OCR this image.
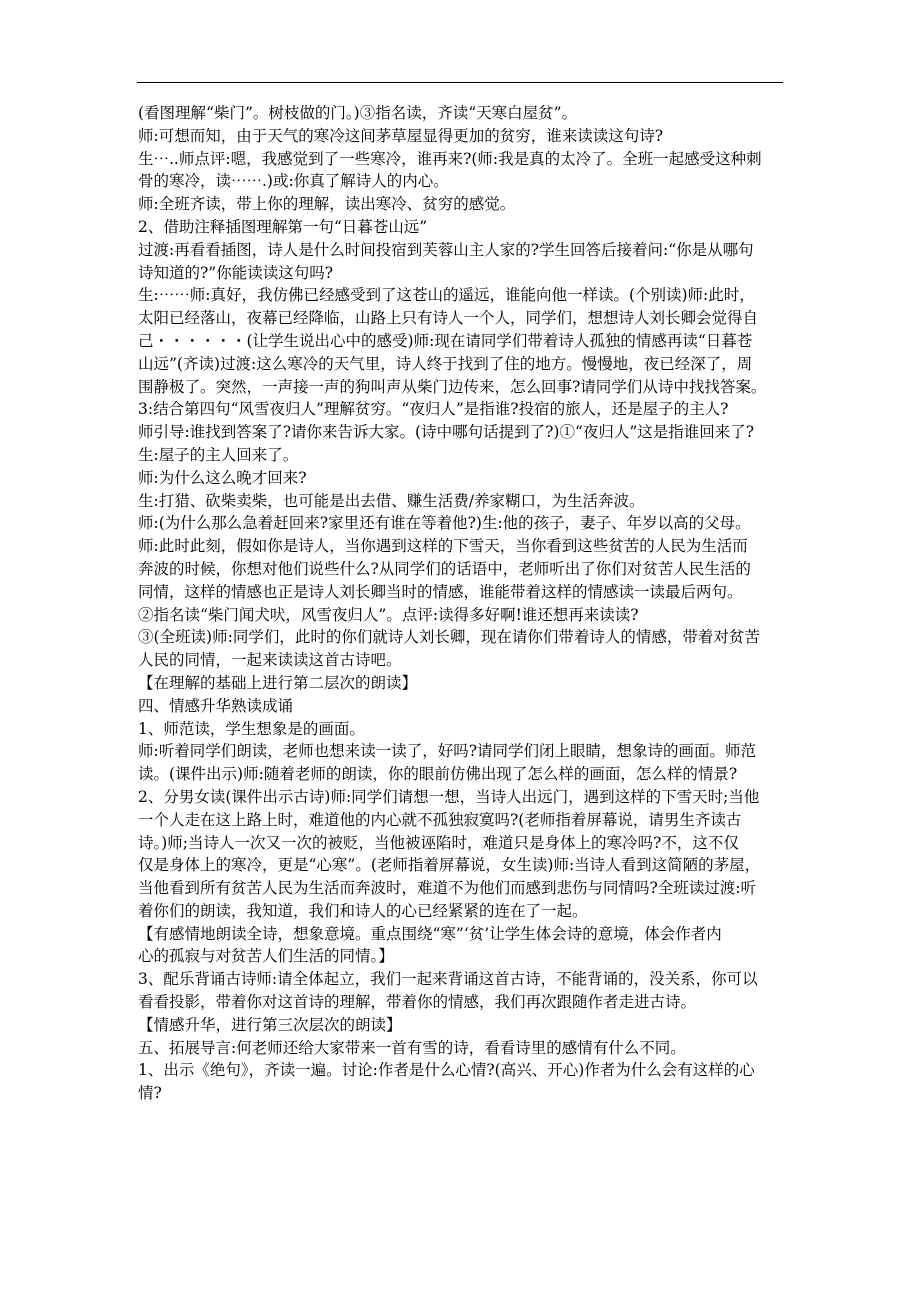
(看图理解“柴门”。树枝做的门。)③指名读，齐读“天寒白屋贫”。
师:可想而知，由于天气的寒冷这间茅草屋显得更加的贫穷，谁来读读这句诗?
生⋯..师点评:嗯，我感觉到了一些寒冷，谁再来?(师:我是真的太冷了。全班一起感受这种刺
骨的寒冷，读⋯⋯.)或:你真了解诗人的内心。
师:全班齐读，带上你的理解，读出寒冷、贫穷的感觉。
2、借助注释插图理解第一句“日暮苍山远”
过渡:再看看插图，诗人是什么时间投宿到芙蓉山主人家的?学生回答后接着问:“你是从哪句
诗知道的?”你能读读这句吗?
生:⋯⋯师:真好，我仿佛已经感受到了这苍山的遥远，谁能向他一样读。(个别读)师:此时，
太阳已经落山，夜幕已经降临，山路上只有诗人一个人，同学们，想想诗人刘长卿会觉得自
己・・・・・・(让学生说出心中的感受)师:现在请同学们带着诗人孤独的情感再读“日暮苍
山远”(齐读)过渡:这么寒冷的天气里，诗人终于找到了住的地方。慢慢地，夜已经深了，周
围静极了。突然，一声接一声的狗叫声从柴门边传来，怎么回事?请同学们从诗中找找答案。
3:结合第四句“风雪夜归人”理解贫穷。“夜归人”是指谁?投宿的旅人，还是屋子的主人?
师引导:谁找到答案了?请你来告诉大家。(诗中哪句话提到了?)①“夜归人”这是指谁回来了?
生:屋子的主人回来了。
师:为什么这么晚才回来?
生:打猎、砍柴卖柴，也可能是出去借、赚生活费/养家糊口，为生活奔波。
师:(为什么那么急着赶回来?家里还有谁在等着他?)生:他的孩子，妻子、年岁以高的父母。
师:此时此刻，假如你是诗人，当你遇到这样的下雪天，当你看到这些贫苦的人民为生活而
奔波的时候，你想对他们说些什么?从同学们的话语中，老师听出了你们对贫苦人民生活的
同情，这样的情感也正是诗人刘长卿当时的情感，谁能带着这样的情感读一读最后两句。
②指名读“柴门闻犬吠，风雪夜归人”。点评:读得多好啊!谁还想再来读读?
③(全班读)师:同学们，此时的你们就诗人刘长卿，现在请你们带着诗人的情感，带着对贫苦
人民的同情，一起来读读这首古诗吧。
【在理解的基础上进行第二层次的朗读】
四、情感升华熟读成诵
1、师范读，学生想象是的画面。
师:听着同学们朗读，老师也想来读一读了，好吗?请同学们闭上眼睛，想象诗的画面。师范
读。(课件出示)师:随着老师的朗读，你的眼前仿佛出现了怎么样的画面，怎么样的情景?
2、分男女读(课件出示古诗)师:同学们请想一想，当诗人出远门，遇到这样的下雪天时;当他
一个人走在这上路上时，难道他的内心就不孤独寂寞吗?(老师指着屏幕说，请男生齐读古
诗。)师;当诗人一次又一次的被贬，当他被诬陷时，难道只是身体上的寒冷吗?不，这不仅
仅是身体上的寒冷，更是“心寒”。(老师指着屏幕说，女生读)师:当诗人看到这简陋的茅屋，
当他看到所有贫苦人民为生活而奔波时，难道不为他们而感到悲伤与同情吗?全班读过渡:听
着你们的朗读，我知道，我们和诗人的心已经紧紧的连在了一起。
【有感情地朗读全诗，想象意境。重点围绕“寒”‘贫’让学生体会诗的意境，体会作者内
心的孤寂与对贫苦人们生活的同情。】
3、配乐背诵古诗师:请全体起立，我们一起来背诵这首古诗，不能背诵的，没关系，你可以
看看投影，带着你对这首诗的理解，带着你的情感，我们再次跟随作者走进古诗。
【情感升华，进行第三次层次的朗读】
五、拓展导言:何老师还给大家带来一首有雪的诗，看看诗里的感情有什么不同。
1、出示《绝句》，齐读一遍。讨论:作者是什么心情?(高兴、开心)作者为什么会有这样的心
情?
